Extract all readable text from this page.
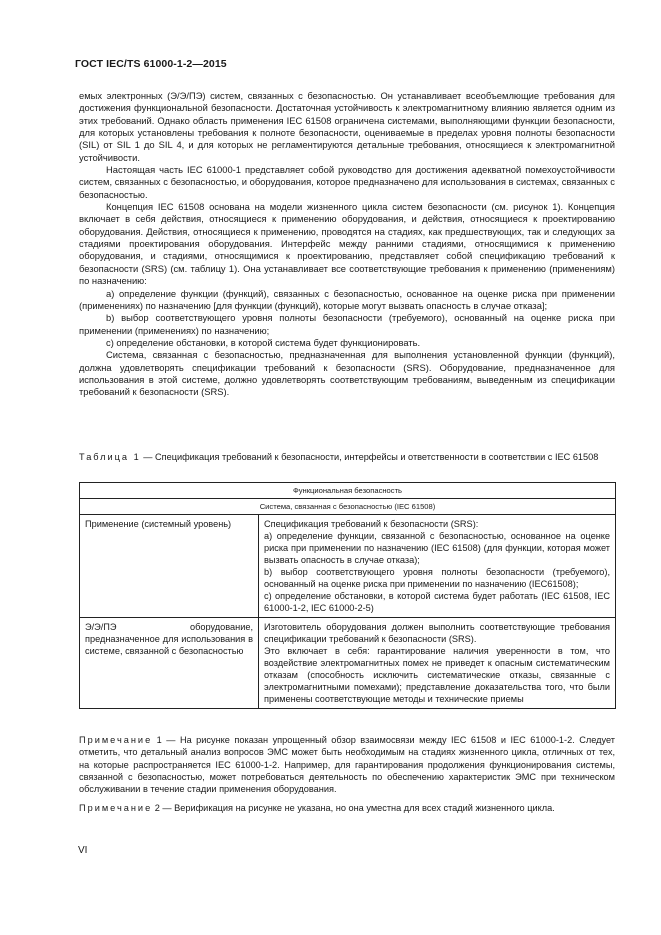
ГОСТ IEC/TS 61000-1-2—2015

емых электронных (Э/Э/ПЭ) систем, связанных с безопасностью. Он устанавливает всеобъемлющие требования для достижения функциональной безопасности. Достаточная устойчивость к электромагнитному влиянию является одним из этих требований. Однако область применения IEC 61508 ограничена системами, выполняющими функции безопасности, для которых установлены требования к полноте безопасности, оцениваемые в пределах уровня полноты безопасности (SIL) от SIL 1 до SIL 4, и для которых не регламентируются детальные требования, относящиеся к электромагнитной устойчивости.

Настоящая часть IEC 61000-1 представляет собой руководство для достижения адекватной помехоустойчивости систем, связанных с безопасностью, и оборудования, которое предназначено для использования в системах, связанных с безопасностью.

Концепция IEC 61508 основана на модели жизненного цикла систем безопасности (см. рисунок 1). Концепция включает в себя действия, относящиеся к применению оборудования, и действия, относящиеся к проектированию оборудования. Действия, относящиеся к применению, проводятся на стадиях, как предшествующих, так и следующих за стадиями проектирования оборудования. Интерфейс между ранними стадиями, относящимися к применению оборудования, и стадиями, относящимися к проектированию, представляет собой спецификацию требований к безопасности (SRS) (см. таблицу 1). Она устанавливает все соответствующие требования к применению (применениям) по назначению:

а) определение функции (функций), связанных с безопасностью, основанное на оценке риска при применении (применениях) по назначению [для функции (функций), которые могут вызвать опасность в случае отказа];

b) выбор соответствующего уровня полноты безопасности (требуемого), основанный на оценке риска при применении (применениях) по назначению;

с) определение обстановки, в которой система будет функционировать.

Система, связанная с безопасностью, предназначенная для выполнения установленной функции (функций), должна удовлетворять спецификации требований к безопасности (SRS). Оборудование, предназначенное для использования в этой системе, должно удовлетворять соответствующим требованиям, выведенным из спецификации требований к безопасности (SRS).

Таблица 1 — Спецификация требований к безопасности, интерфейсы и ответственности в соответствии с IEC 61508
Функциональная безопасность	
Система, связанная с безопасностью (IEC 61508)	
Применение (системный уровень)	Спецификация требований к безопасности (SRS):
а) определение функции, связанной с безопасностью, основанное на оценке риска при применении по назначению (IEC 61508) (для функции, которая может вызвать опасность в случае отказа);
b) выбор соответствующего уровня полноты безопасности (требуемого), основанный на оценке риска при применении по назначению (IEC61508);
с) определение обстановки, в которой система будет работать (IEC 61508, IEC 61000-1-2, IEC 61000-2-5)

Э/Э/ПЭ оборудование, предназначенное для использования в системе, связанной с безопасностью	Изготовитель оборудования должен выполнить соответствующие требования спецификации требований к безопасности (SRS).
Это включает в себя: гарантирование наличия уверенности в том, что воздействие электромагнитных помех не приведет к опасным систематическим отказам (способность исключить систематические отказы, связанные с электромагнитными помехами); представление доказательства того, что были применены соответствующие методы и технические приемы

Примечание 1 — На рисунке показан упрощенный обзор взаимосвязи между IEC 61508 и IEC 61000-1-2. Следует отметить, что детальный анализ вопросов ЭМС может быть необходимым на стадиях жизненного цикла, отличных от тех, на которые распространяется IEC 61000-1-2. Например, для гарантирования продолжения функционирования системы, связанной с безопасностью, может потребоваться деятельность по обеспечению характеристик ЭМС при техническом обслуживании в течение стадии применения оборудования.

Примечание 2 — Верификация на рисунке не указана, но она уместна для всех стадий жизненного цикла.

VI
